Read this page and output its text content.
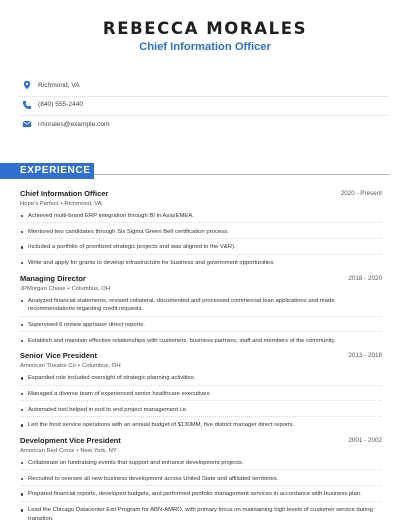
REBECCA MORALES
Chief Information Officer
Richmond, VA
(840) 555-2440
rmorales@example.com
EXPERIENCE
Chief Information Officer	2020 - Present
Hope's Perfect • Richmond, VA
Achieved multi-brand ERP integration through BI in Asia/EMEA.
Mentored two candidates through Six Sigma Green Belt certification process.
Included a portfolio of prioritized strategic projects and was aligned to the V&R).
Write and apply for grants to develop infrastructure for business and government opportunities.
Managing Director	2018 - 2020
JPMorgan Chase • Columbus, OH
Analyzed financial statements, revised collateral, documented and processed commercial loan applications and made recommendations regarding credit requests.
Supervised 6 review appraiser direct reports.
Establish and maintain effective relationships with customers, business partners, staff and members of the community.
Senior Vice President	2013 - 2018
American Theatre Co • Columbus, OH
Expanded role included oversight of strategic planning activities.
Managed a diverse team of experienced senior healthcare executives.
Automated tool helped in end to end project management i.e.
Led the food service operations with an annual budget of $130MM, five district manager direct reports.
Development Vice President	2001 - 2002
American Red Cross • New York, NY
Collaborate on fundraising events that support and enhance development projects.
Recruited to oversee all new business development across United State and affiliated territories.
Prepared financial reports, developed budgets, and performed portfolio management services in accordance with business plan.
Lead the Chicago Datacenter Exit Program for ABN-AMRO, with primary focus on maintaining high levels of customer service during transition.
